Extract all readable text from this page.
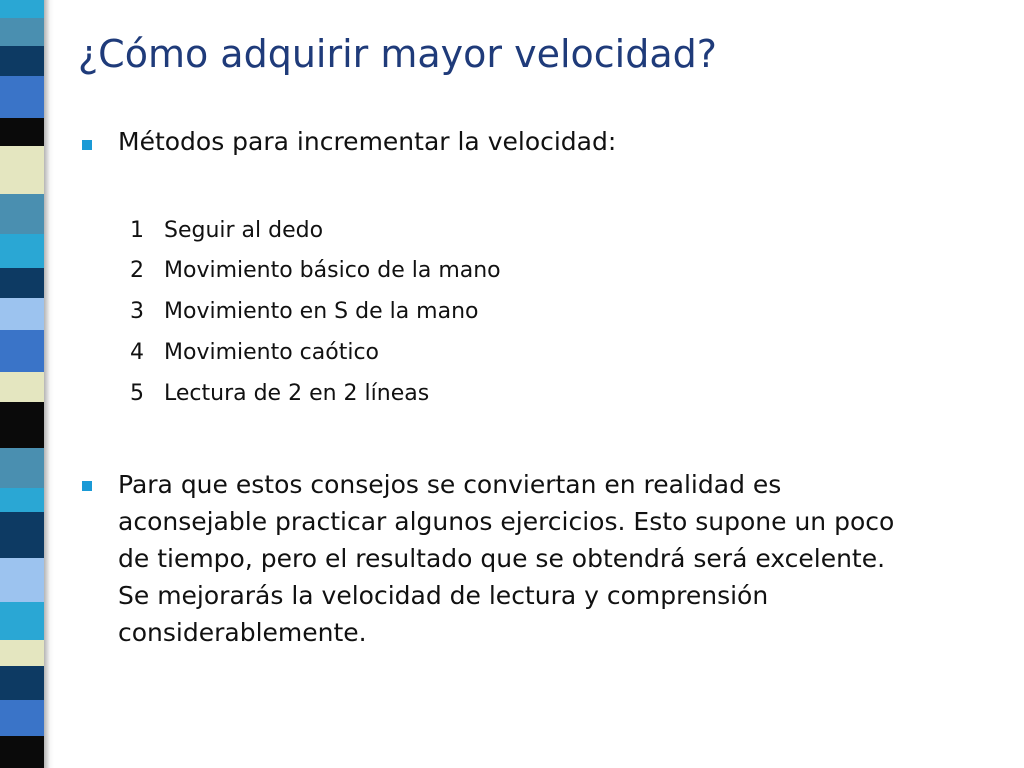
¿Cómo adquirir mayor velocidad?
Métodos para incrementar la velocidad:
1 Seguir al dedo
2 Movimiento básico de la mano
3 Movimiento en S de la mano
4 Movimiento caótico
5 Lectura de 2 en 2 líneas
Para que estos consejos se conviertan en realidad es
aconsejable practicar algunos ejercicios. Esto supone un poco
de tiempo, pero el resultado que se obtendrá será excelente.
Se mejorarás la velocidad de lectura y comprensión
considerablemente.
